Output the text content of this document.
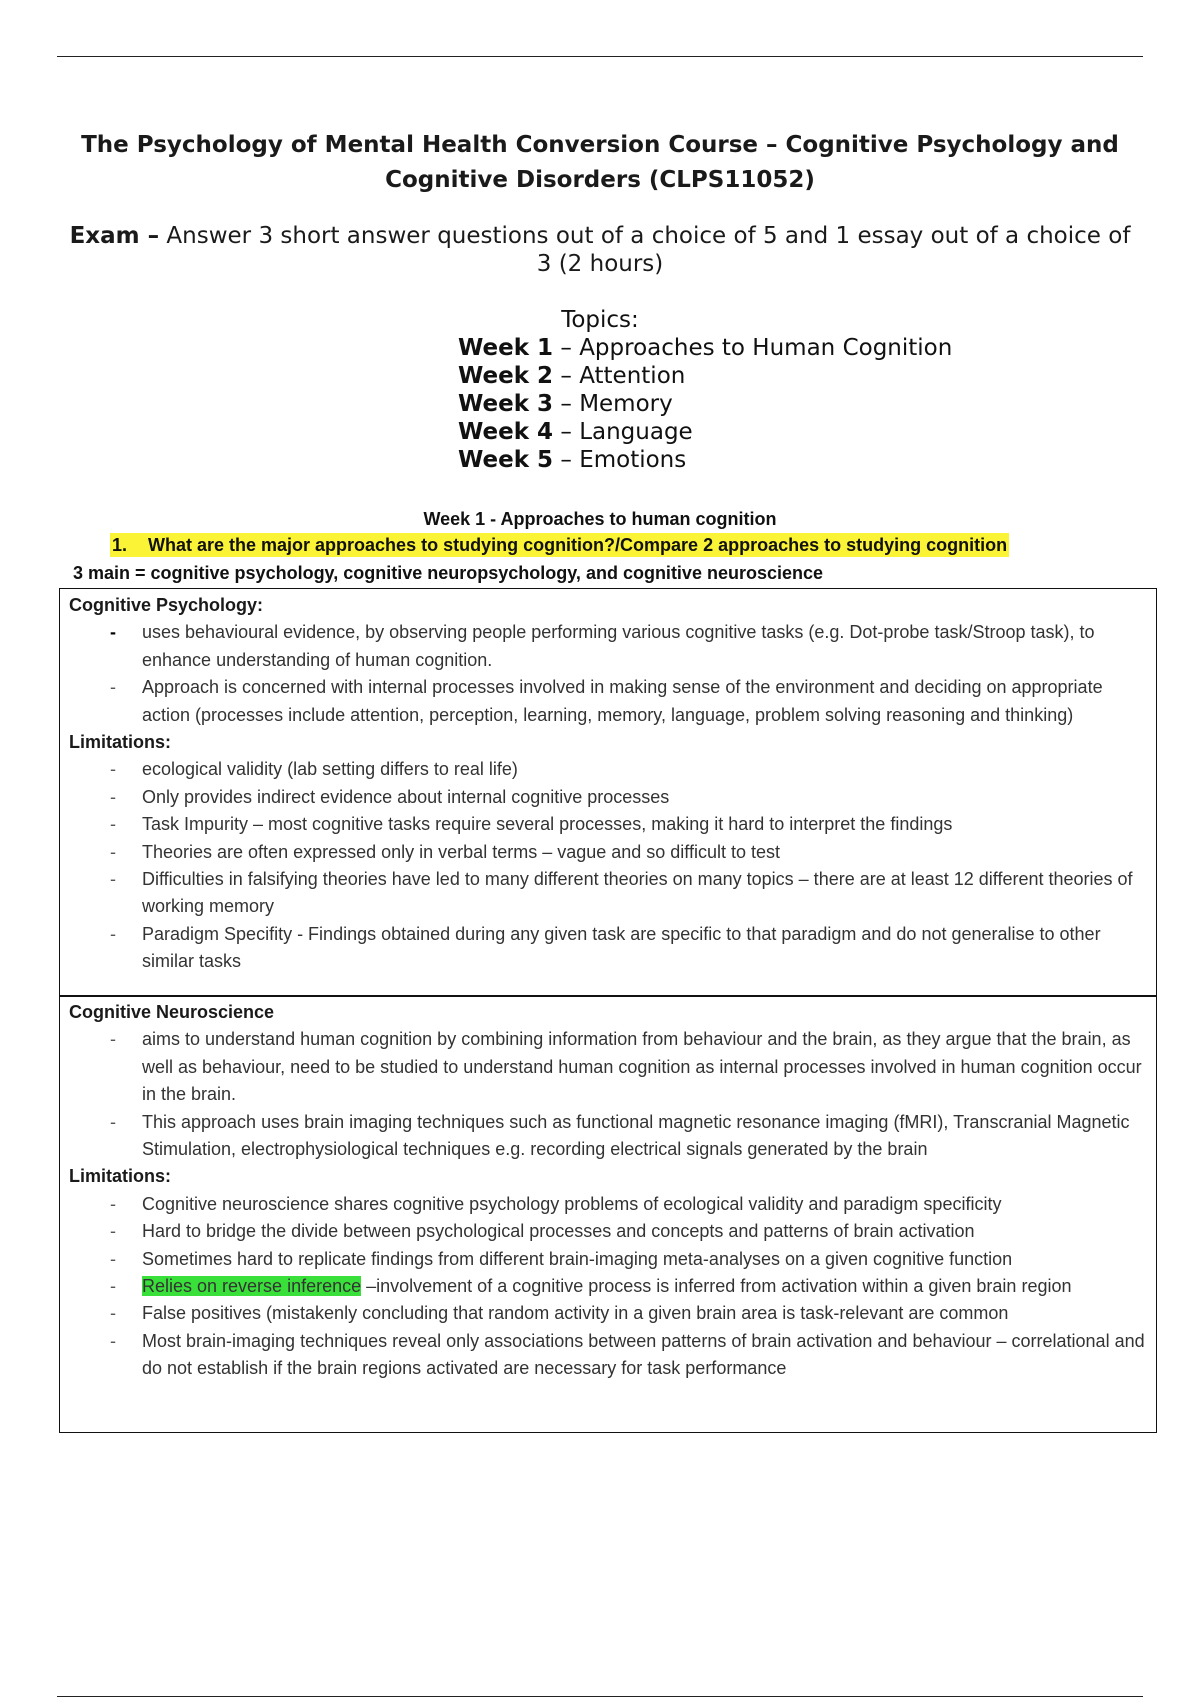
The Psychology of Mental Health Conversion Course – Cognitive Psychology and Cognitive Disorders (CLPS11052)
Exam – Answer 3 short answer questions out of a choice of 5 and 1 essay out of a choice of 3 (2 hours)
Topics:
Week 1 – Approaches to Human Cognition
Week 2 – Attention
Week 3 – Memory
Week 4 – Language
Week 5 – Emotions
Week 1 - Approaches to human cognition
1. What are the major approaches to studying cognition?/Compare 2 approaches to studying cognition
3 main = cognitive psychology, cognitive neuropsychology, and cognitive neuroscience
Cognitive Psychology:
- uses behavioural evidence, by observing people performing various cognitive tasks (e.g. Dot-probe task/Stroop task), to enhance understanding of human cognition.
- Approach is concerned with internal processes involved in making sense of the environment and deciding on appropriate action (processes include attention, perception, learning, memory, language, problem solving reasoning and thinking)
Limitations:
- ecological validity (lab setting differs to real life)
- Only provides indirect evidence about internal cognitive processes
- Task Impurity – most cognitive tasks require several processes, making it hard to interpret the findings
- Theories are often expressed only in verbal terms – vague and so difficult to test
- Difficulties in falsifying theories have led to many different theories on many topics – there are at least 12 different theories of working memory
- Paradigm Specifity - Findings obtained during any given task are specific to that paradigm and do not generalise to other similar tasks
Cognitive Neuroscience
- aims to understand human cognition by combining information from behaviour and the brain, as they argue that the brain, as well as behaviour, need to be studied to understand human cognition as internal processes involved in human cognition occur in the brain.
- This approach uses brain imaging techniques such as functional magnetic resonance imaging (fMRI), Transcranial Magnetic Stimulation, electrophysiological techniques e.g. recording electrical signals generated by the brain
Limitations:
- Cognitive neuroscience shares cognitive psychology problems of ecological validity and paradigm specificity
- Hard to bridge the divide between psychological processes and concepts and patterns of brain activation
- Sometimes hard to replicate findings from different brain-imaging meta-analyses on a given cognitive function
- Relies on reverse inference –involvement of a cognitive process is inferred from activation within a given brain region
- False positives (mistakenly concluding that random activity in a given brain area is task-relevant are common
- Most brain-imaging techniques reveal only associations between patterns of brain activation and behaviour – correlational and do not establish if the brain regions activated are necessary for task performance
